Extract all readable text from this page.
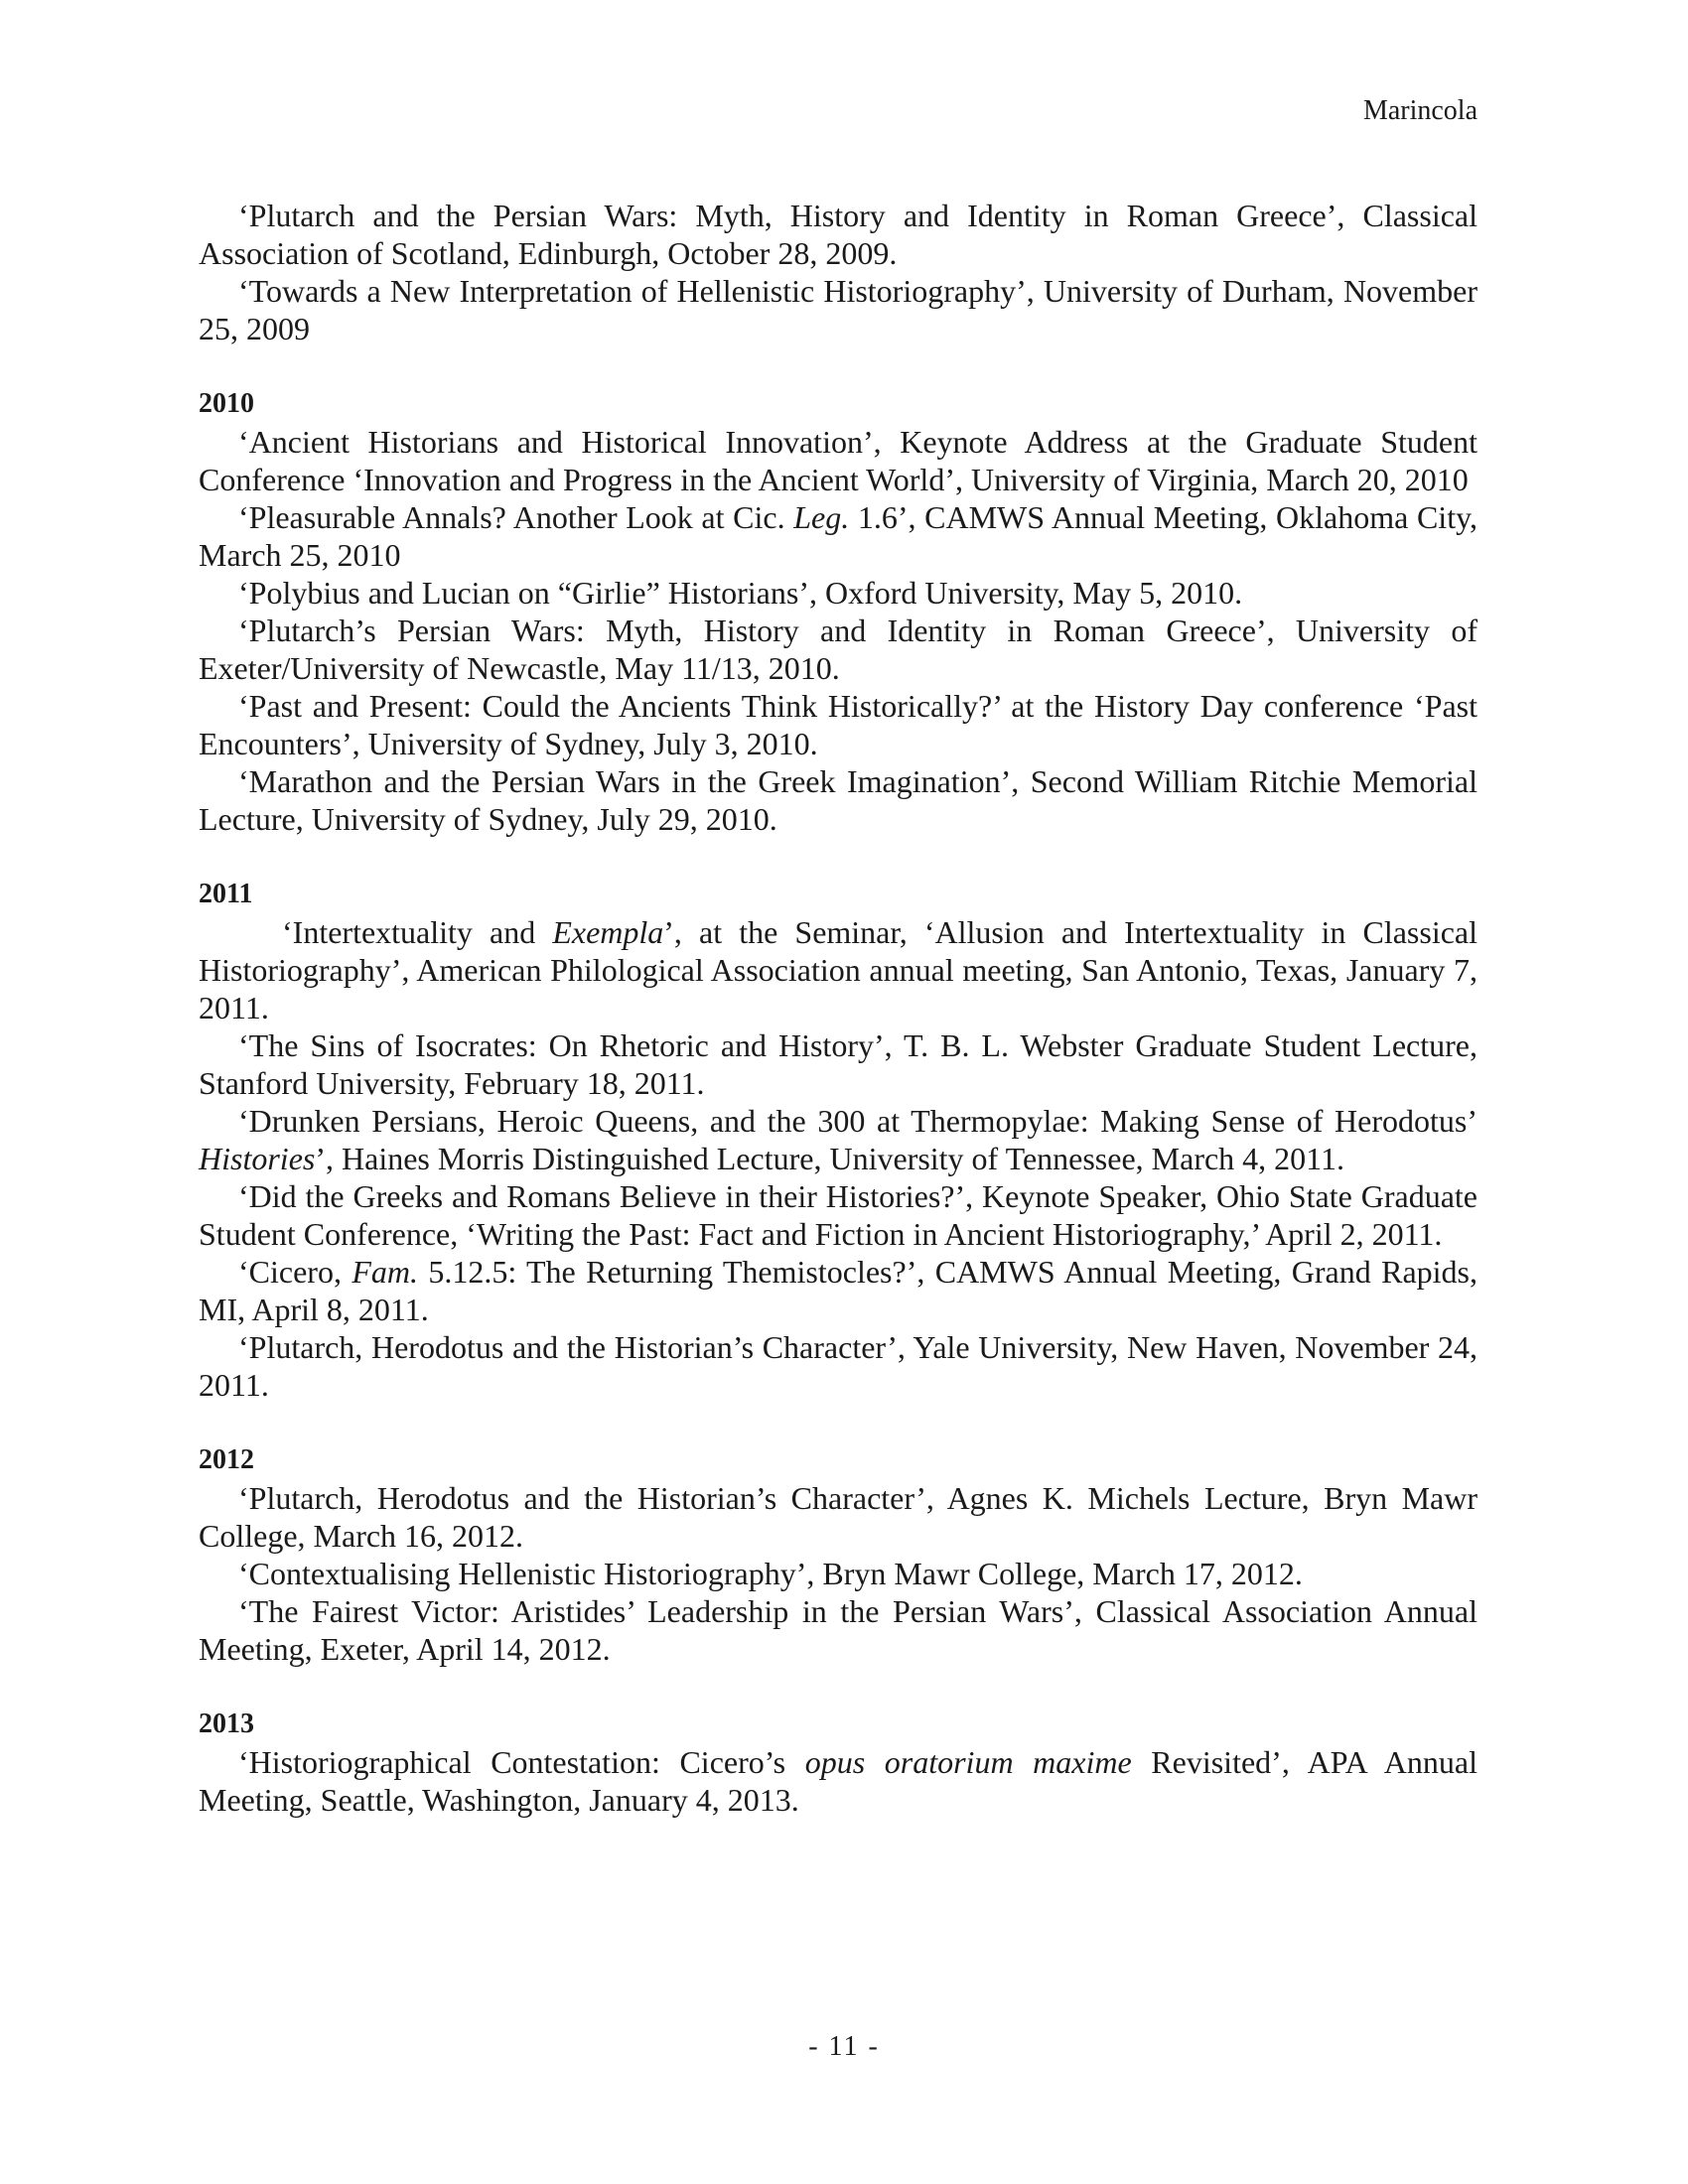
Marincola

‘Plutarch and the Persian Wars: Myth, History and Identity in Roman Greece’, Classical Association of Scotland, Edinburgh, October 28, 2009.

‘Towards a New Interpretation of Hellenistic Historiography’, University of Durham, November 25, 2009

2010

‘Ancient Historians and Historical Innovation’, Keynote Address at the Graduate Student Conference ‘Innovation and Progress in the Ancient World’, University of Virginia, March 20, 2010

‘Pleasurable Annals? Another Look at Cic. Leg. 1.6’, CAMWS Annual Meeting, Oklahoma City, March 25, 2010

‘Polybius and Lucian on “Girlie” Historians’, Oxford University, May 5, 2010.

‘Plutarch’s Persian Wars: Myth, History and Identity in Roman Greece’, University of Exeter/University of Newcastle, May 11/13, 2010.

‘Past and Present: Could the Ancients Think Historically?’ at the History Day conference ‘Past Encounters’, University of Sydney, July 3, 2010.

‘Marathon and the Persian Wars in the Greek Imagination’, Second William Ritchie Memorial Lecture, University of Sydney, July 29, 2010.

2011

‘Intertextuality and Exempla’, at the Seminar, ‘Allusion and Intertextuality in Classical Historiography’, American Philological Association annual meeting, San Antonio, Texas, January 7, 2011.

‘The Sins of Isocrates: On Rhetoric and History’, T. B. L. Webster Graduate Student Lecture, Stanford University, February 18, 2011.

‘Drunken Persians, Heroic Queens, and the 300 at Thermopylae: Making Sense of Herodotus’ Histories’, Haines Morris Distinguished Lecture, University of Tennessee, March 4, 2011.

‘Did the Greeks and Romans Believe in their Histories?’, Keynote Speaker, Ohio State Graduate Student Conference, ‘Writing the Past: Fact and Fiction in Ancient Historiography,’ April 2, 2011.

‘Cicero, Fam. 5.12.5: The Returning Themistocles?’, CAMWS Annual Meeting, Grand Rapids, MI, April 8, 2011.

‘Plutarch, Herodotus and the Historian’s Character’, Yale University, New Haven, November 24, 2011.

2012

‘Plutarch, Herodotus and the Historian’s Character’, Agnes K. Michels Lecture, Bryn Mawr College, March 16, 2012.

‘Contextualising Hellenistic Historiography’, Bryn Mawr College, March 17, 2012.

‘The Fairest Victor: Aristides’ Leadership in the Persian Wars’, Classical Association Annual Meeting, Exeter, April 14, 2012.

2013

‘Historiographical Contestation: Cicero’s opus oratorium maxime Revisited’, APA Annual Meeting, Seattle, Washington, January 4, 2013.

- 11 -
